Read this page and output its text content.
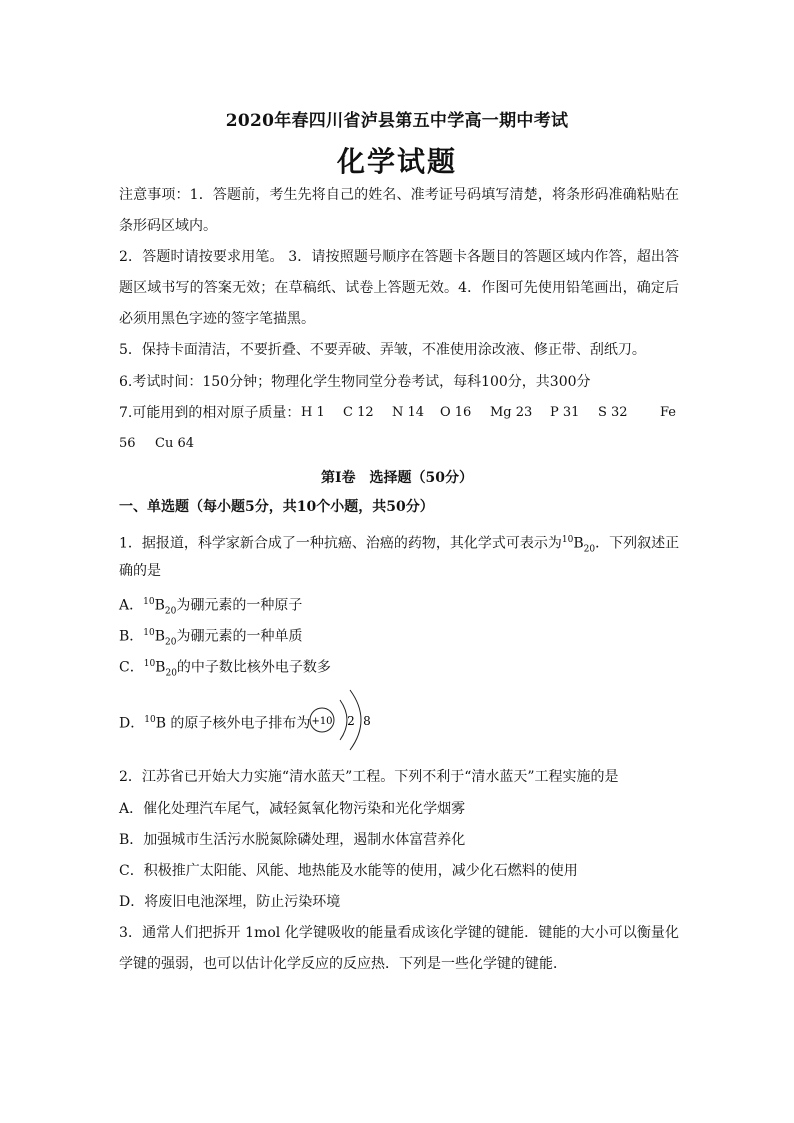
2020年春四川省泸县第五中学高一期中考试
化学试题
注意事项：1．答题前，考生先将自己的姓名、准考证号码填写清楚，将条形码准确粘贴在条形码区域内。
2．答题时请按要求用笔。 3．请按照题号顺序在答题卡各题目的答题区域内作答，超出答题区域书写的答案无效；在草稿纸、试卷上答题无效。4．作图可先使用铅笔画出，确定后必须用黑色字迹的签字笔描黑。
5．保持卡面清洁，不要折叠、不要弄破、弄皱，不准使用涂改液、修正带、刮纸刀。
6.考试时间：150分钟；物理化学生物同堂分卷考试，每科100分，共300分
7.可能用到的相对原子质量： H 1 C 12 N 14 O 16 Mg 23 P 31 S 32 Fe
56 Cu 64
第I卷　选择题（50分）
一、单选题（每小题5分，共10个小题，共50分）
1．据报道，科学家新合成了一种抗癌、治癌的药物，其化学式可表示为$^{10}B_{20}$．下列叙述正
确的是
A．$^{10}B_{20}$为硼元素的一种原子
B．$^{10}B_{20}$为硼元素的一种单质
C．$^{10}B_{20}$的中子数比核外电子数多
D．$^{10}$B 的原子核外电子排布为 +10 2 8
2．江苏省已开始大力实施“清水蓝天”工程。下列不利于“清水蓝天”工程实施的是
A．催化处理汽车尾气，减轻氮氧化物污染和光化学烟雾
B．加强城市生活污水脱氮除磷处理，遏制水体富营养化
C．积极推广太阳能、风能、地热能及水能等的使用，减少化石燃料的使用
D．将废旧电池深埋，防止污染环境
3．通常人们把拆开 1mol 化学键吸收的能量看成该化学键的键能．键能的大小可以衡量化学键的强弱，也可以估计化学反应的反应热．下列是一些化学键的键能．
